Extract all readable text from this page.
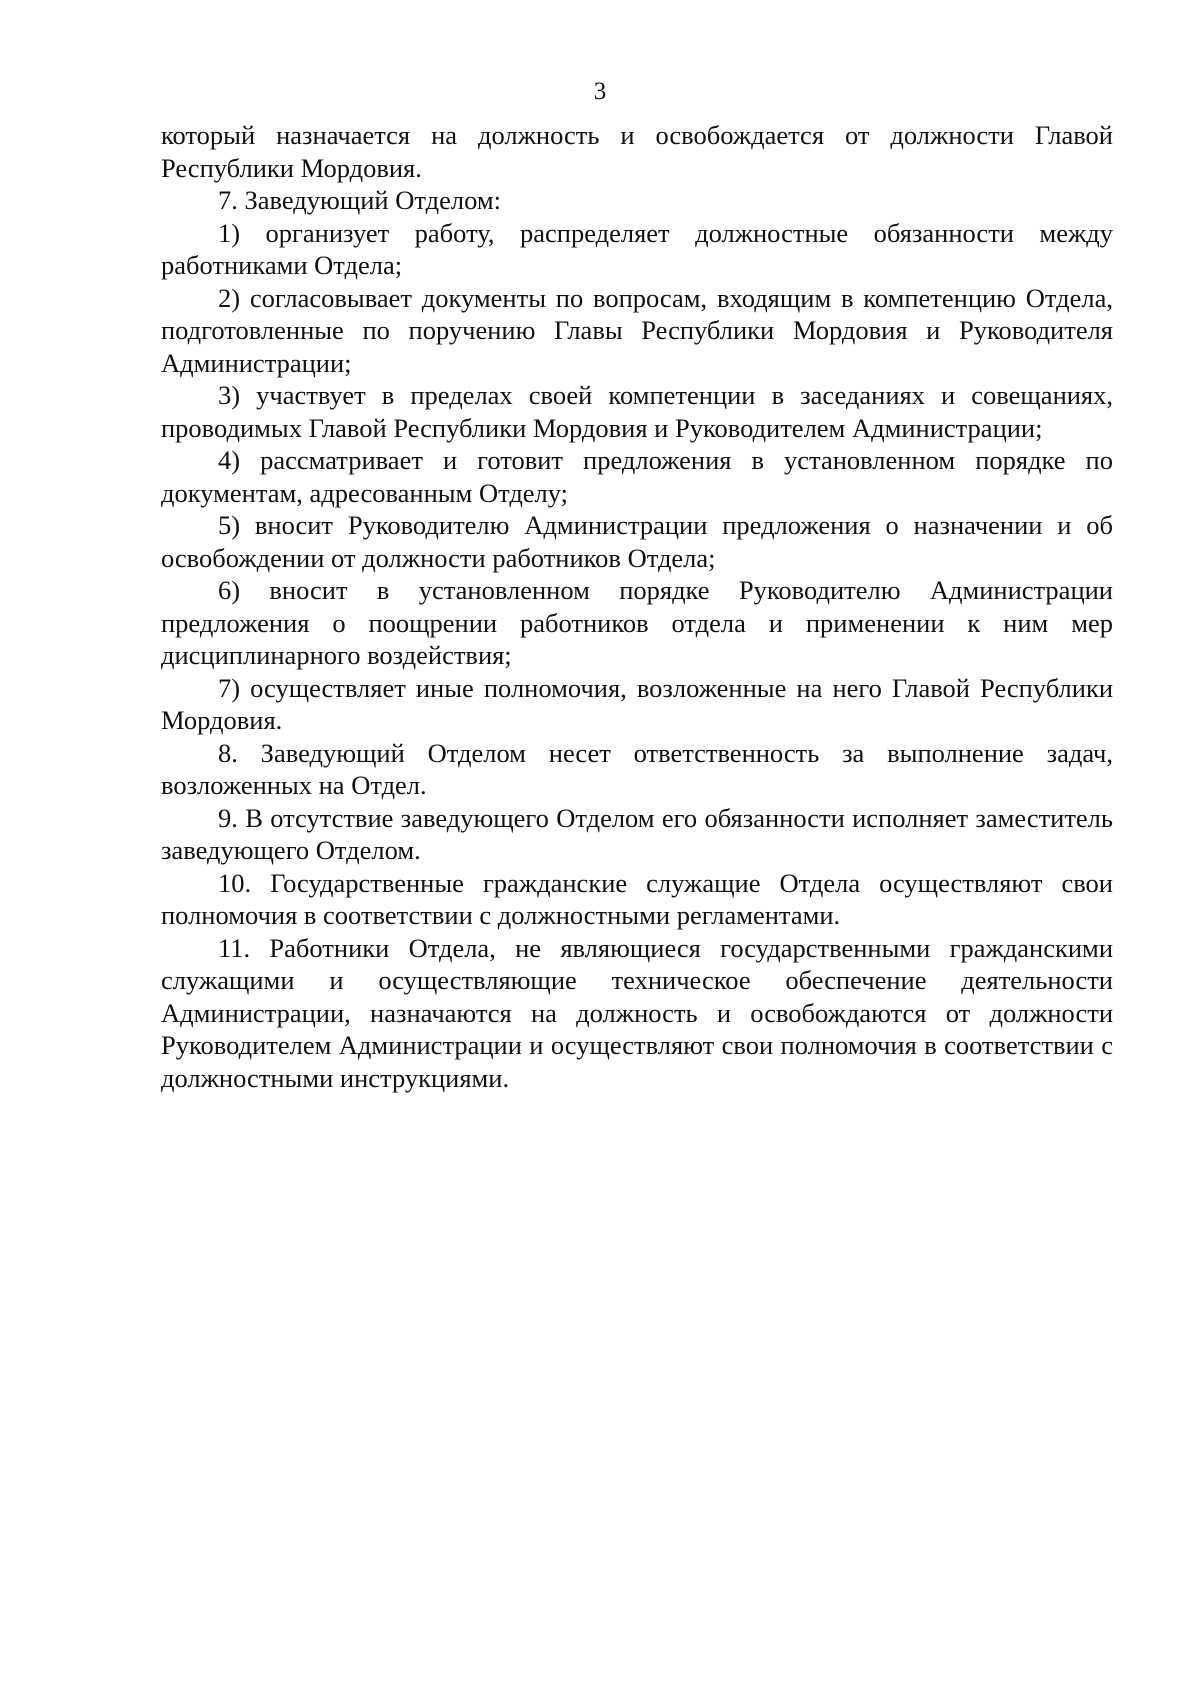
3

который назначается на должность и освобождается от должности Главой Республики Мордовия.

7. Заведующий Отделом:

1) организует работу, распределяет должностные обязанности между работниками Отдела;

2) согласовывает документы по вопросам, входящим в компетенцию Отдела, подготовленные по поручению Главы Республики Мордовия и Руководителя Администрации;

3) участвует в пределах своей компетенции в заседаниях и совещаниях, проводимых Главой Республики Мордовия и Руководителем Администрации;

4) рассматривает и готовит предложения в установленном порядке по документам, адресованным Отделу;

5) вносит Руководителю Администрации предложения о назначении и об освобождении от должности работников Отдела;

6) вносит в установленном порядке Руководителю Администрации предложения о поощрении работников отдела и применении к ним мер дисциплинарного воздействия;

7) осуществляет иные полномочия, возложенные на него Главой Республики Мордовия.

8. Заведующий Отделом несет ответственность за выполнение задач, возложенных на Отдел.

9. В отсутствие заведующего Отделом его обязанности исполняет заместитель заведующего Отделом.

10. Государственные гражданские служащие Отдела осуществляют свои полномочия в соответствии с должностными регламентами.

11. Работники Отдела, не являющиеся государственными гражданскими служащими и осуществляющие техническое обеспечение деятельности Администрации, назначаются на должность и освобождаются от должности Руководителем Администрации и осуществляют свои полномочия в соответствии с должностными инструкциями.
